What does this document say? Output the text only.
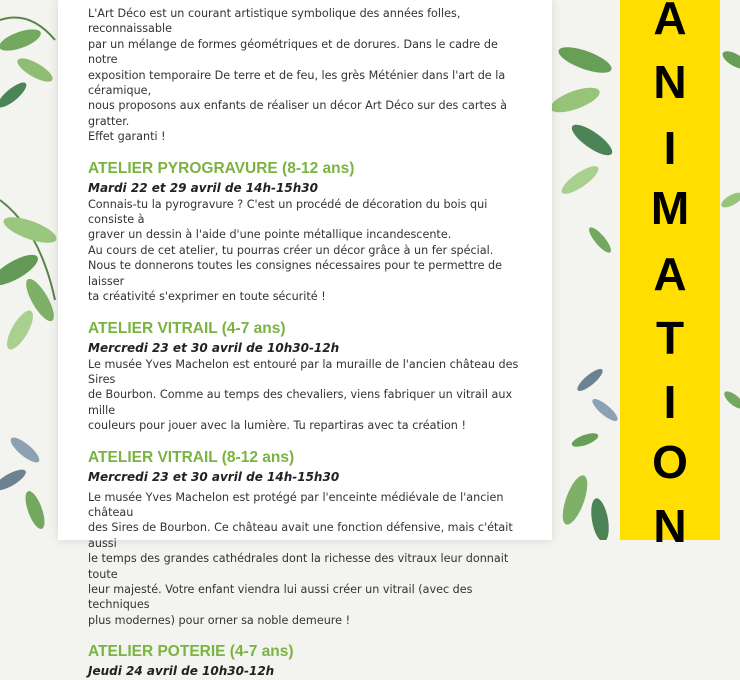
L'Art Déco est un courant artistique symbolique des années folles, reconnaissable
par un mélange de formes géométriques et de dorures. Dans le cadre de notre
exposition temporaire De terre et de feu, les grès Méténier dans l'art de la céramique,
nous proposons aux enfants de réaliser un décor Art Déco sur des cartes à gratter.
Effet garanti !

ATELIER PYROGRAVURE (8-12 ans)

Mardi 22 et 29 avril de 14h-15h30

Connais-tu la pyrogravure ? C'est un procédé de décoration du bois qui consiste à
graver un dessin à l'aide d'une pointe métallique incandescente.
Au cours de cet atelier, tu pourras créer un décor grâce à un fer spécial.
Nous te donnerons toutes les consignes nécessaires pour te permettre de laisser
ta créativité s'exprimer en toute sécurité !

ATELIER VITRAIL (4-7 ans)

Mercredi 23 et 30 avril de 10h30-12h

Le musée Yves Machelon est entouré par la muraille de l'ancien château des Sires
de Bourbon. Comme au temps des chevaliers, viens fabriquer un vitrail aux mille
couleurs pour jouer avec la lumière. Tu repartiras avec ta création !

ATELIER VITRAIL (8-12 ans)

Mercredi 23 et 30 avril de 14h-15h30

Le musée Yves Machelon est protégé par l'enceinte médiévale de l'ancien château
des Sires de Bourbon. Ce château avait une fonction défensive, mais c'était aussi
le temps des grandes cathédrales dont la richesse des vitraux leur donnait toute
leur majesté. Votre enfant viendra lui aussi créer un vitrail (avec des techniques
plus modernes) pour orner sa noble demeure !

ATELIER POTERIE (4-7 ans)

Jeudi 24 avril de 10h30-12h

A
N
I
M
A
T
I
O
N
